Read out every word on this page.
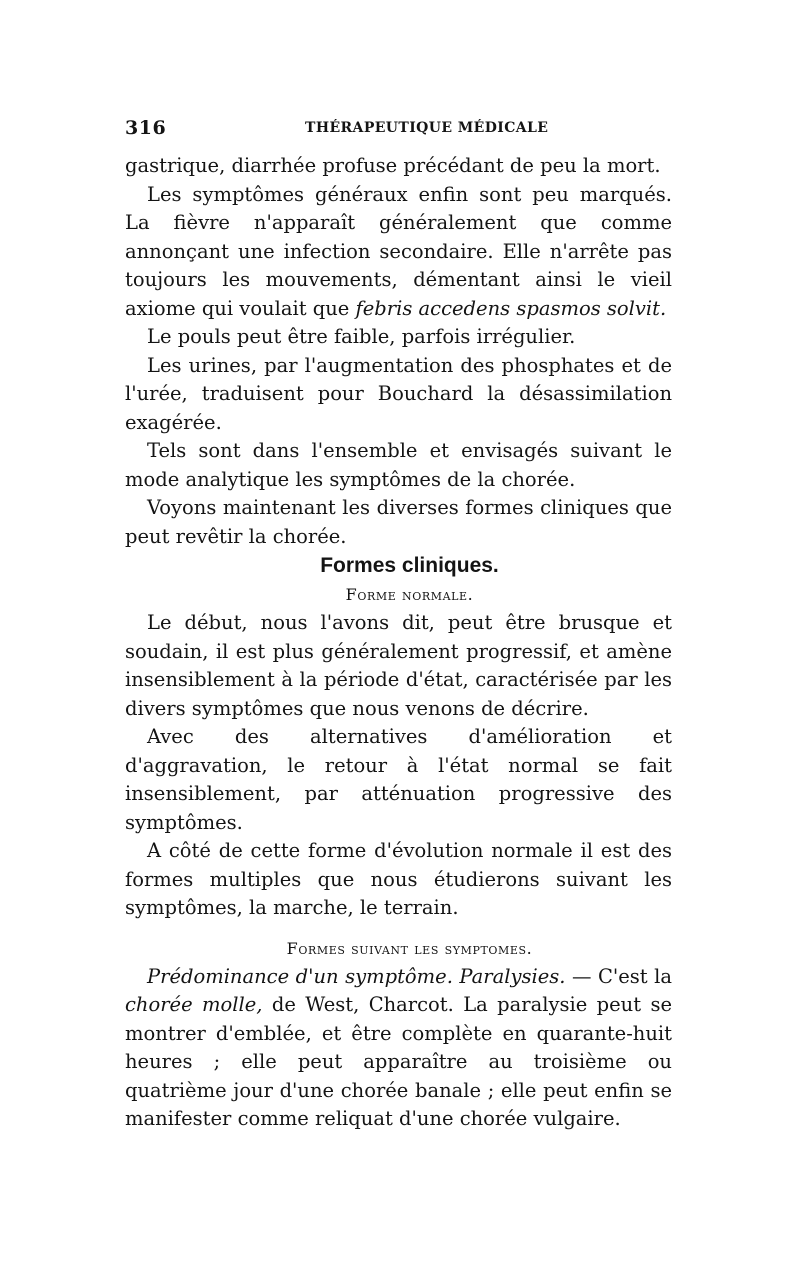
316	THÉRAPEUTIQUE MÉDICALE

gastrique, diarrhée profuse précédant de peu la mort.

Les symptômes généraux enfin sont peu marqués. La fièvre n'apparaît généralement que comme annonçant une infection secondaire. Elle n'arrête pas toujours les mouvements, démentant ainsi le vieil axiome qui voulait que febris accedens spasmos solvit.

Le pouls peut être faible, parfois irrégulier.

Les urines, par l'augmentation des phosphates et de l'urée, traduisent pour Bouchard la désassimilation exagérée.

Tels sont dans l'ensemble et envisagés suivant le mode analytique les symptômes de la chorée.

Voyons maintenant les diverses formes cliniques que peut revêtir la chorée.

Formes cliniques.

Forme normale.

Le début, nous l'avons dit, peut être brusque et soudain, il est plus généralement progressif, et amène insensiblement à la période d'état, caractérisée par les divers symptômes que nous venons de décrire.

Avec des alternatives d'amélioration et d'aggravation, le retour à l'état normal se fait insensiblement, par atténuation progressive des symptômes.

A côté de cette forme d'évolution normale il est des formes multiples que nous étudierons suivant les symptômes, la marche, le terrain.

Formes suivant les symptomes.

Prédominance d'un symptôme. Paralysies. — C'est la chorée molle, de West, Charcot. La paralysie peut se montrer d'emblée, et être complète en quarante-huit heures ; elle peut apparaître au troisième ou quatrième jour d'une chorée banale ; elle peut enfin se manifester comme reliquat d'une chorée vulgaire.
